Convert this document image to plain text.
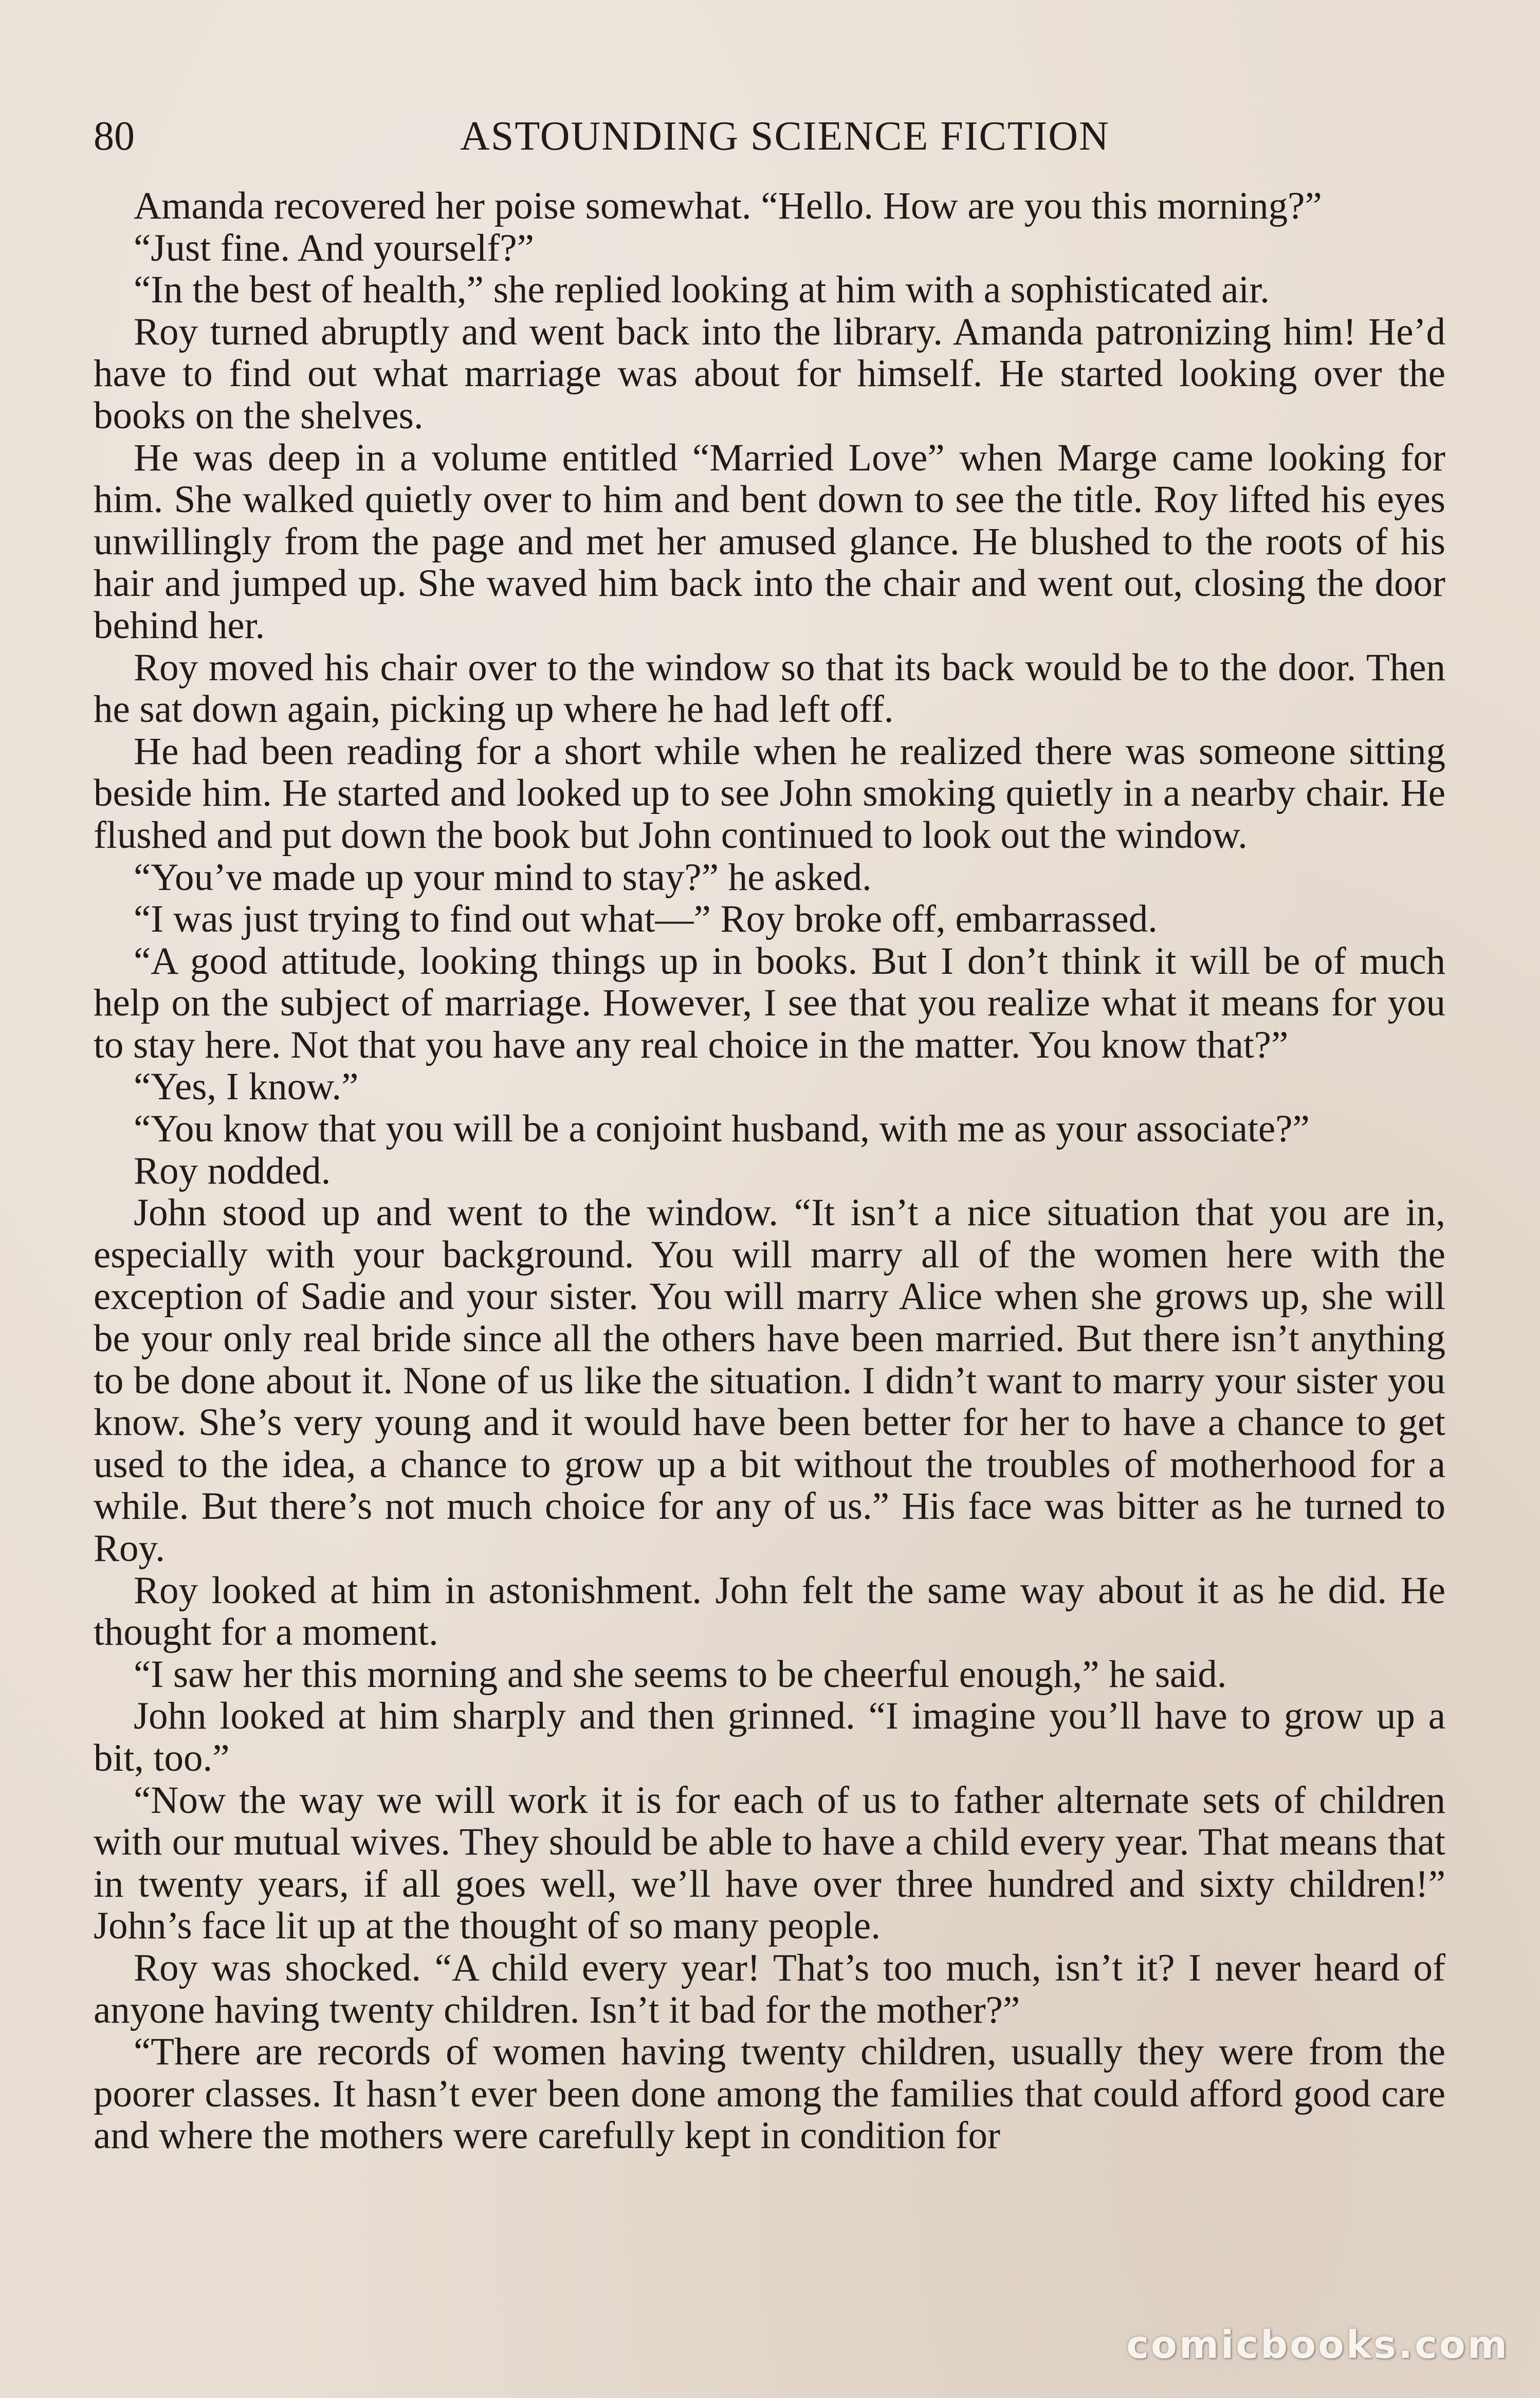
80	ASTOUNDING SCIENCE FICTION

Amanda recovered her poise somewhat. “Hello. How are you this morning?”

“Just fine. And yourself?”

“In the best of health,” she replied looking at him with a sophisticated air.

Roy turned abruptly and went back into the library. Amanda patronizing him! He’d have to find out what marriage was about for himself. He started looking over the books on the shelves.

He was deep in a volume entitled “Married Love” when Marge came looking for him. She walked quietly over to him and bent down to see the title. Roy lifted his eyes unwillingly from the page and met her amused glance. He blushed to the roots of his hair and jumped up. She waved him back into the chair and went out, closing the door behind her.

Roy moved his chair over to the window so that its back would be to the door. Then he sat down again, picking up where he had left off.

He had been reading for a short while when he realized there was someone sitting beside him. He started and looked up to see John smoking quietly in a nearby chair. He flushed and put down the book but John continued to look out the window.

“You’ve made up your mind to stay?” he asked.

“I was just trying to find out what—” Roy broke off, embarrassed.

“A good attitude, looking things up in books. But I don’t think it will be of much help on the subject of marriage. However, I see that you realize what it means for you to stay here. Not that you have any real choice in the matter. You know that?”

“Yes, I know.”

“You know that you will be a conjoint husband, with me as your associate?”

Roy nodded.

John stood up and went to the window. “It isn’t a nice situation that you are in, especially with your background. You will marry all of the women here with the exception of Sadie and your sister. You will marry Alice when she grows up, she will be your only real bride since all the others have been married. But there isn’t anything to be done about it. None of us like the situation. I didn’t want to marry your sister you know. She’s very young and it would have been better for her to have a chance to get used to the idea, a chance to grow up a bit without the troubles of motherhood for a while. But there’s not much choice for any of us.” His face was bitter as he turned to Roy.

Roy looked at him in astonishment. John felt the same way about it as he did. He thought for a moment.

“I saw her this morning and she seems to be cheerful enough,” he said.

John looked at him sharply and then grinned. “I imagine you’ll have to grow up a bit, too.”

“Now the way we will work it is for each of us to father alternate sets of children with our mutual wives. They should be able to have a child every year. That means that in twenty years, if all goes well, we’ll have over three hundred and sixty children!” John’s face lit up at the thought of so many people.

Roy was shocked. “A child every year! That’s too much, isn’t it? I never heard of anyone having twenty children. Isn’t it bad for the mother?”

“There are records of women having twenty children, usually they were from the poorer classes. It hasn’t ever been done among the families that could afford good care and where the mothers were carefully kept in condition for

comicbooks.com
